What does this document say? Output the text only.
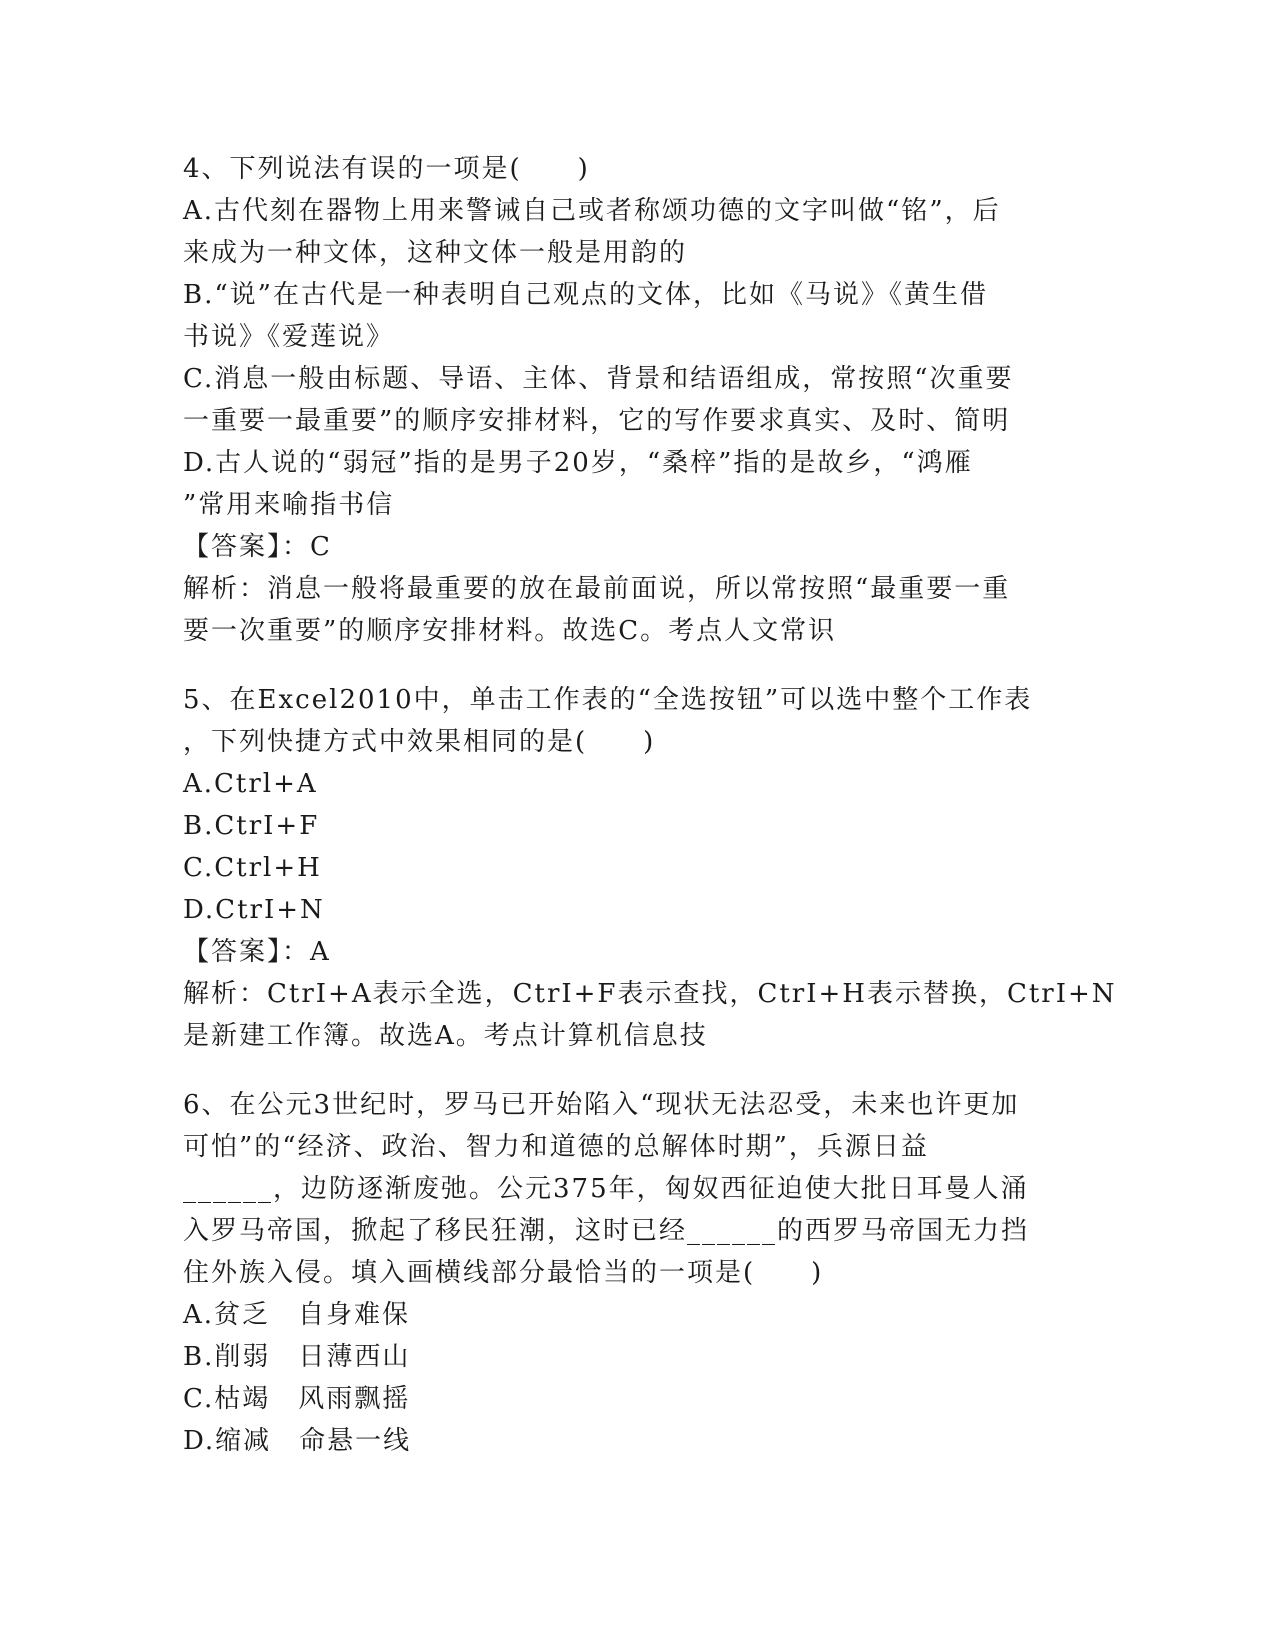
4、下列说法有误的一项是(　　)
A.古代刻在器物上用来警诫自己或者称颂功德的文字叫做“铭”，后
来成为一种文体，这种文体一般是用韵的
B.“说”在古代是一种表明自己观点的文体，比如《马说》《黄生借
书说》《爱莲说》
C.消息一般由标题、导语、主体、背景和结语组成，常按照“次重要
一重要一最重要”的顺序安排材料，它的写作要求真实、及时、简明
D.古人说的“弱冠”指的是男子20岁，“桑梓”指的是故乡，“鸿雁
”常用来喻指书信
【答案】：C
解析：消息一般将最重要的放在最前面说，所以常按照“最重要一重
要一次重要”的顺序安排材料。故选C。考点人文常识
5、在Excel2010中，单击工作表的“全选按钮”可以选中整个工作表
，下列快捷方式中效果相同的是(　　)
A.Ctrl+A
B.CtrI+F
C.Ctrl+H
D.CtrI+N
【答案】：A
解析：CtrI+A表示全选，CtrI+F表示查找，CtrI+H表示替换，CtrI+N
是新建工作簿。故选A。考点计算机信息技
6、在公元3世纪时，罗马已开始陷入“现状无法忍受，未来也许更加
可怕”的“经济、政治、智力和道德的总解体时期”，兵源日益
______，边防逐渐废弛。公元375年，匈奴西征迫使大批日耳曼人涌
入罗马帝国，掀起了移民狂潮，这时已经______的西罗马帝国无力挡
住外族入侵。填入画横线部分最恰当的一项是(　　)
A.贫乏　自身难保
B.削弱　日薄西山
C.枯竭　风雨飘摇
D.缩减　命悬一线
